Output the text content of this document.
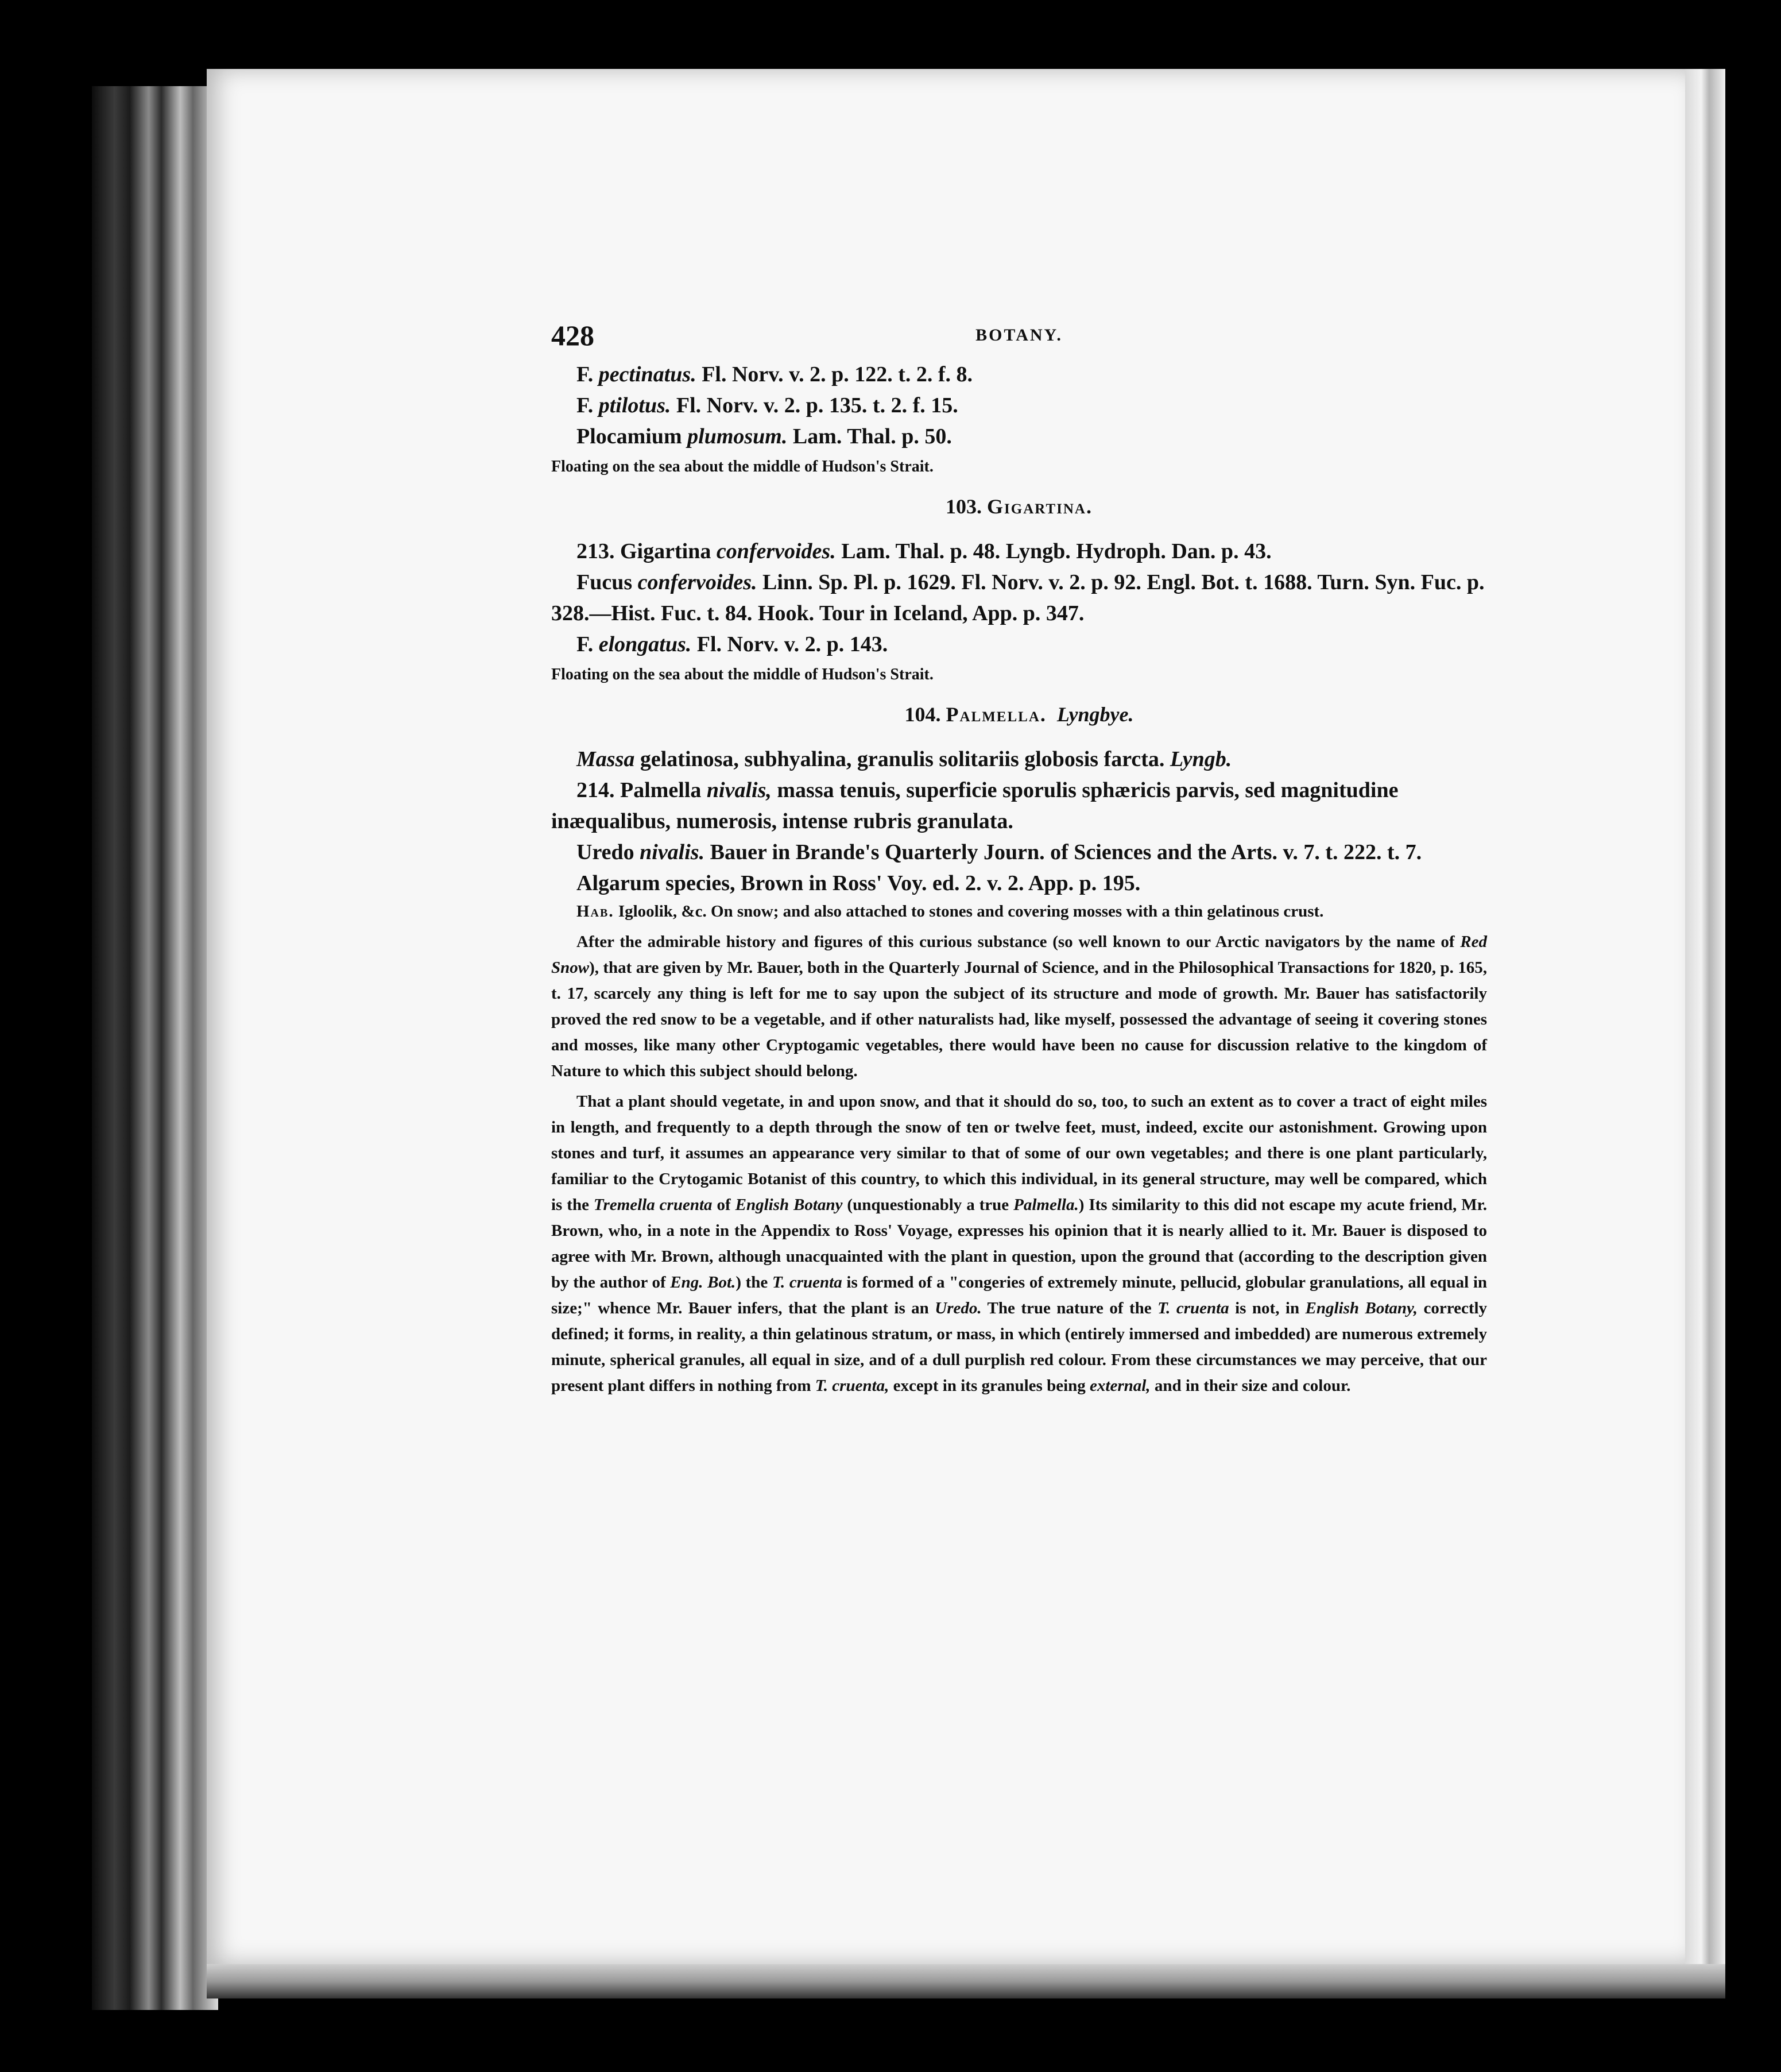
428	BOTANY.

F. pectinatus. Fl. Norv. v. 2. p. 122. t. 2. f. 8.

F. ptilotus. Fl. Norv. v. 2. p. 135. t. 2. f. 15.

Plocamium plumosum. Lam. Thal. p. 50.

Floating on the sea about the middle of Hudson's Strait.

103. Gigartina.

213. Gigartina confervoides. Lam. Thal. p. 48. Lyngb. Hydroph. Dan. p. 43.

Fucus confervoides. Linn. Sp. Pl. p. 1629. Fl. Norv. v. 2. p. 92. Engl. Bot. t. 1688. Turn. Syn. Fuc. p. 328.—Hist. Fuc. t. 84. Hook. Tour in Iceland, App. p. 347.

F. elongatus. Fl. Norv. v. 2. p. 143.

Floating on the sea about the middle of Hudson's Strait.

104. Palmella. Lyngbye.

Massa gelatinosa, subhyalina, granulis solitariis globosis farcta. Lyngb.

214. Palmella nivalis, massa tenuis, superficie sporulis sphæricis parvis, sed magnitudine inæqualibus, numerosis, intense rubris granulata.

Uredo nivalis. Bauer in Brande's Quarterly Journ. of Sciences and the Arts. v. 7. t. 222. t. 7.

Algarum species, Brown in Ross' Voy. ed. 2. v. 2. App. p. 195.

Hab. Igloolik, &c. On snow; and also attached to stones and covering mosses with a thin gelatinous crust.

After the admirable history and figures of this curious substance (so well known to our Arctic navigators by the name of Red Snow), that are given by Mr. Bauer, both in the Quarterly Journal of Science, and in the Philosophical Transactions for 1820, p. 165, t. 17, scarcely any thing is left for me to say upon the subject of its structure and mode of growth. Mr. Bauer has satisfactorily proved the red snow to be a vegetable, and if other naturalists had, like myself, possessed the advantage of seeing it covering stones and mosses, like many other Cryptogamic vegetables, there would have been no cause for discussion relative to the kingdom of Nature to which this subject should belong.

That a plant should vegetate, in and upon snow, and that it should do so, too, to such an extent as to cover a tract of eight miles in length, and frequently to a depth through the snow of ten or twelve feet, must, indeed, excite our astonishment. Growing upon stones and turf, it assumes an appearance very similar to that of some of our own vegetables; and there is one plant particularly, familiar to the Crytogamic Botanist of this country, to which this individual, in its general structure, may well be compared, which is the Tremella cruenta of English Botany (unquestionably a true Palmella.) Its similarity to this did not escape my acute friend, Mr. Brown, who, in a note in the Appendix to Ross' Voyage, expresses his opinion that it is nearly allied to it. Mr. Bauer is disposed to agree with Mr. Brown, although unacquainted with the plant in question, upon the ground that (according to the description given by the author of Eng. Bot.) the T. cruenta is formed of a "congeries of extremely minute, pellucid, globular granulations, all equal in size;" whence Mr. Bauer infers, that the plant is an Uredo. The true nature of the T. cruenta is not, in English Botany, correctly defined; it forms, in reality, a thin gelatinous stratum, or mass, in which (entirely immersed and imbedded) are numerous extremely minute, spherical granules, all equal in size, and of a dull purplish red colour. From these circumstances we may perceive, that our present plant differs in nothing from T. cruenta, except in its granules being external, and in their size and colour.
